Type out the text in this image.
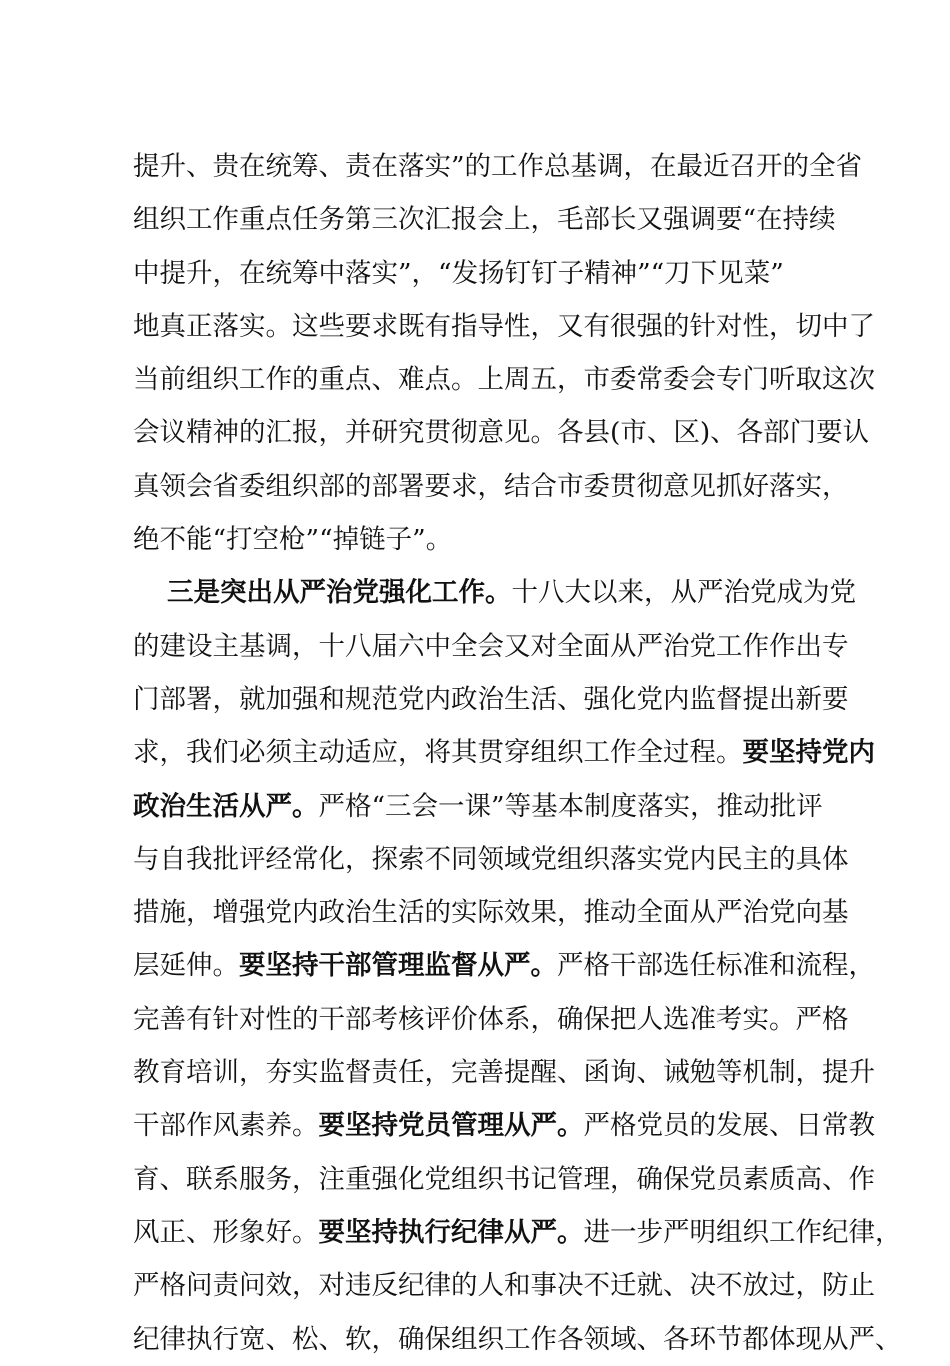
提升、贵在统筹、责在落实”的工作总基调，在最近召开的全省
组织工作重点任务第三次汇报会上，毛部长又强调要“在持续
中提升，在统筹中落实”，“发扬钉钉子精神”“刀下见菜”
地真正落实。这些要求既有指导性，又有很强的针对性，切中了
当前组织工作的重点、难点。上周五，市委常委会专门听取这次
会议精神的汇报，并研究贯彻意见。各县(市、区)、各部门要认
真领会省委组织部的部署要求，结合市委贯彻意见抓好落实，
绝不能“打空枪”“掉链子”。

三是突出从严治党强化工作。十八大以来，从严治党成为党
的建设主基调，十八届六中全会又对全面从严治党工作作出专
门部署，就加强和规范党内政治生活、强化党内监督提出新要
求，我们必须主动适应，将其贯穿组织工作全过程。要坚持党内
政治生活从严。严格“三会一课”等基本制度落实，推动批评
与自我批评经常化，探索不同领域党组织落实党内民主的具体
措施，增强党内政治生活的实际效果，推动全面从严治党向基
层延伸。要坚持干部管理监督从严。严格干部选任标准和流程，
完善有针对性的干部考核评价体系，确保把人选准考实。严格
教育培训，夯实监督责任，完善提醒、函询、诫勉等机制，提升
干部作风素养。要坚持党员管理从严。严格党员的发展、日常教
育、联系服务，注重强化党组织书记管理，确保党员素质高、作
风正、形象好。要坚持执行纪律从严。进一步严明组织工作纪律，
严格问责问效，对违反纪律的人和事决不迁就、决不放过，防止
纪律执行宽、松、软，确保组织工作各领域、各环节都体现从严、
